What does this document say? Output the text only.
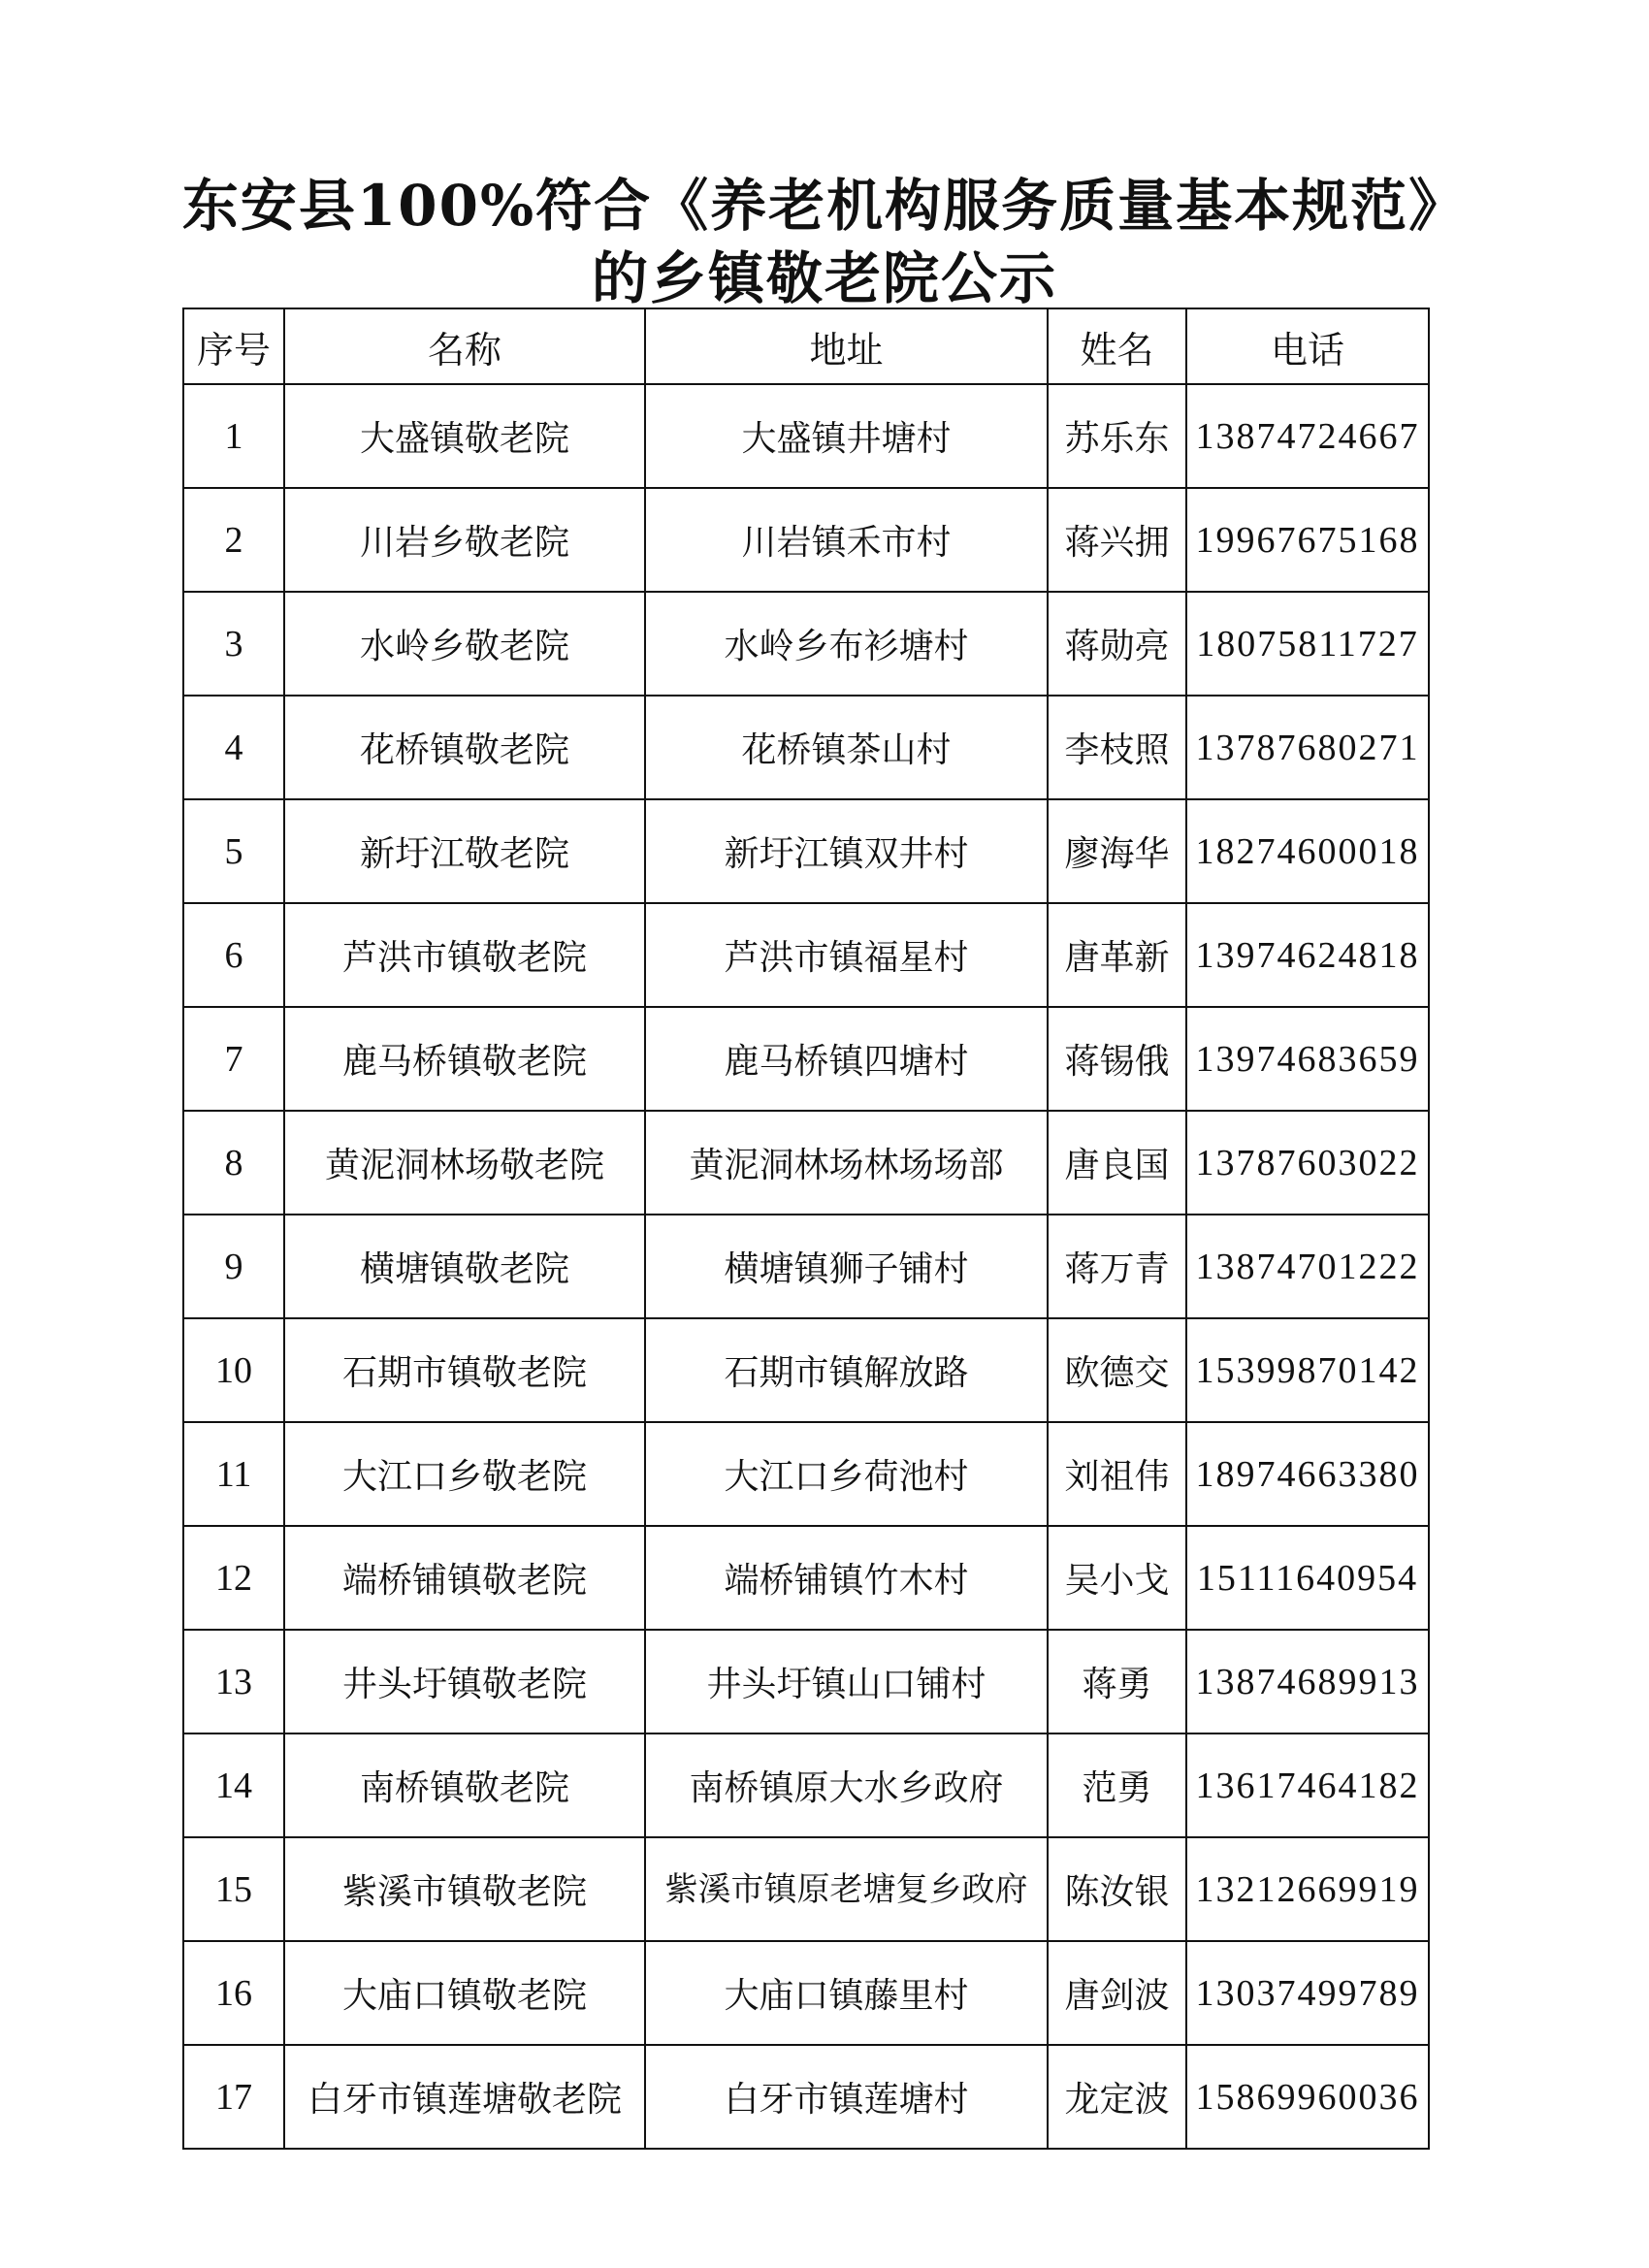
东安县100%符合《养老机构服务质量基本规范》
的乡镇敬老院公示
序号	名称	地址	姓名	电话
1	大盛镇敬老院	大盛镇井塘村	苏乐东	13874724667
2	川岩乡敬老院	川岩镇禾市村	蒋兴拥	19967675168
3	水岭乡敬老院	水岭乡布衫塘村	蒋勋亮	18075811727
4	花桥镇敬老院	花桥镇茶山村	李枝照	13787680271
5	新圩江敬老院	新圩江镇双井村	廖海华	18274600018
6	芦洪市镇敬老院	芦洪市镇福星村	唐革新	13974624818
7	鹿马桥镇敬老院	鹿马桥镇四塘村	蒋锡俄	13974683659
8	黄泥洞林场敬老院	黄泥洞林场林场场部	唐良国	13787603022
9	横塘镇敬老院	横塘镇狮子铺村	蒋万青	13874701222
10	石期市镇敬老院	石期市镇解放路	欧德交	15399870142
11	大江口乡敬老院	大江口乡荷池村	刘祖伟	18974663380
12	端桥铺镇敬老院	端桥铺镇竹木村	吴小戈	15111640954
13	井头圩镇敬老院	井头圩镇山口铺村	蒋勇	13874689913
14	南桥镇敬老院	南桥镇原大水乡政府	范勇	13617464182
15	紫溪市镇敬老院	紫溪市镇原老塘复乡政府	陈汝银	13212669919
16	大庙口镇敬老院	大庙口镇藤里村	唐剑波	13037499789
17	白牙市镇莲塘敬老院	白牙市镇莲塘村	龙定波	15869960036
